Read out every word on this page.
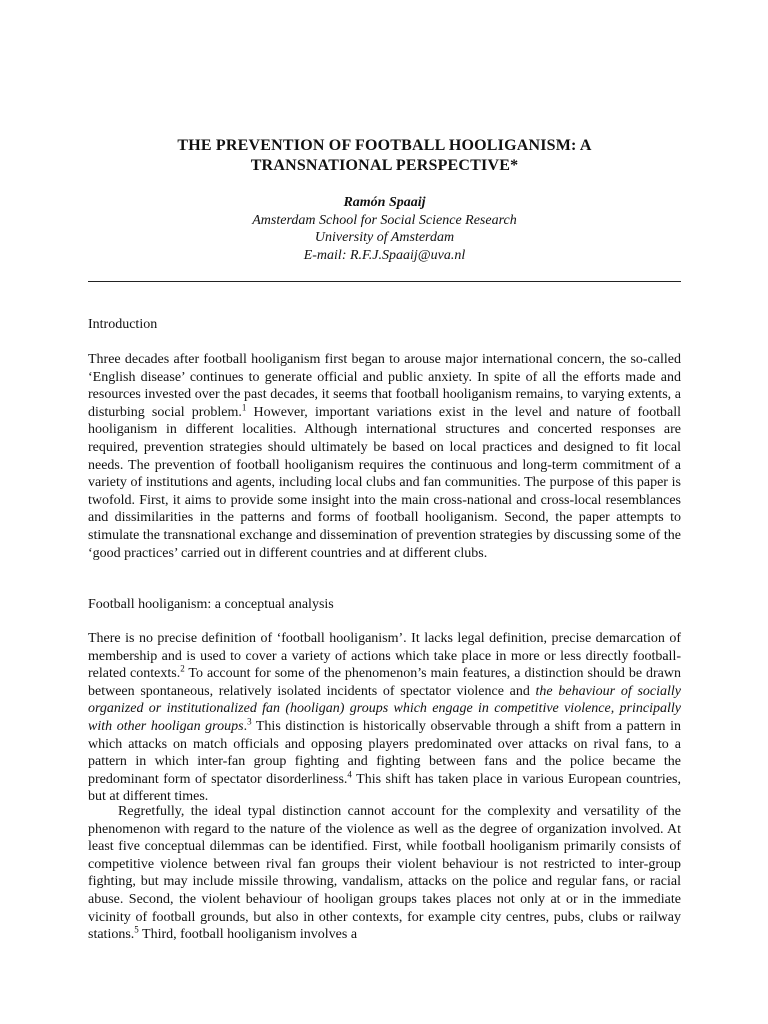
THE PREVENTION OF FOOTBALL HOOLIGANISM: A

TRANSNATIONAL PERSPECTIVE*

Ramón Spaaij
Amsterdam School for Social Science Research
University of Amsterdam
E-mail: R.F.J.Spaaij@uva.nl
Introduction

Three decades after football hooliganism first began to arouse major international concern, the so-called ‘English disease’ continues to generate official and public anxiety. In spite of all the efforts made and resources invested over the past decades, it seems that football hooliganism remains, to varying extents, a disturbing social problem.$^1$ However, important variations exist in the level and nature of football hooliganism in different localities. Although international structures and concerted responses are required, prevention strategies should ultimately be based on local practices and designed to fit local needs. The prevention of football hooliganism requires the continuous and long-term commitment of a variety of institutions and agents, including local clubs and fan communities. The purpose of this paper is twofold. First, it aims to provide some insight into the main cross-national and cross-local resemblances and dissimilarities in the patterns and forms of football hooliganism. Second, the paper attempts to stimulate the transnational exchange and dissemination of prevention strategies by discussing some of the ‘good practices’ carried out in different countries and at different clubs.

Football hooliganism: a conceptual analysis

There is no precise definition of ‘football hooliganism’. It lacks legal definition, precise demarcation of membership and is used to cover a variety of actions which take place in more or less directly football-related contexts.$^2$ To account for some of the phenomenon’s main features, a distinction should be drawn between spontaneous, relatively isolated incidents of spectator violence and the behaviour of socially organized or institutionalized fan (hooligan) groups which engage in competitive violence, principally with other hooligan groups.$^3$ This distinction is historically observable through a shift from a pattern in which attacks on match officials and opposing players predominated over attacks on rival fans, to a pattern in which inter-fan group fighting and fighting between fans and the police became the predominant form of spectator disorderliness.$^4$ This shift has taken place in various European countries, but at different times.

Regretfully, the ideal typal distinction cannot account for the complexity and versatility of the phenomenon with regard to the nature of the violence as well as the degree of organization involved. At least five conceptual dilemmas can be identified. First, while football hooliganism primarily consists of competitive violence between rival fan groups their violent behaviour is not restricted to inter-group fighting, but may include missile throwing, vandalism, attacks on the police and regular fans, or racial abuse. Second, the violent behaviour of hooligan groups takes places not only at or in the immediate vicinity of football grounds, but also in other contexts, for example city centres, pubs, clubs or railway stations.$^5$ Third, football hooliganism involves a
